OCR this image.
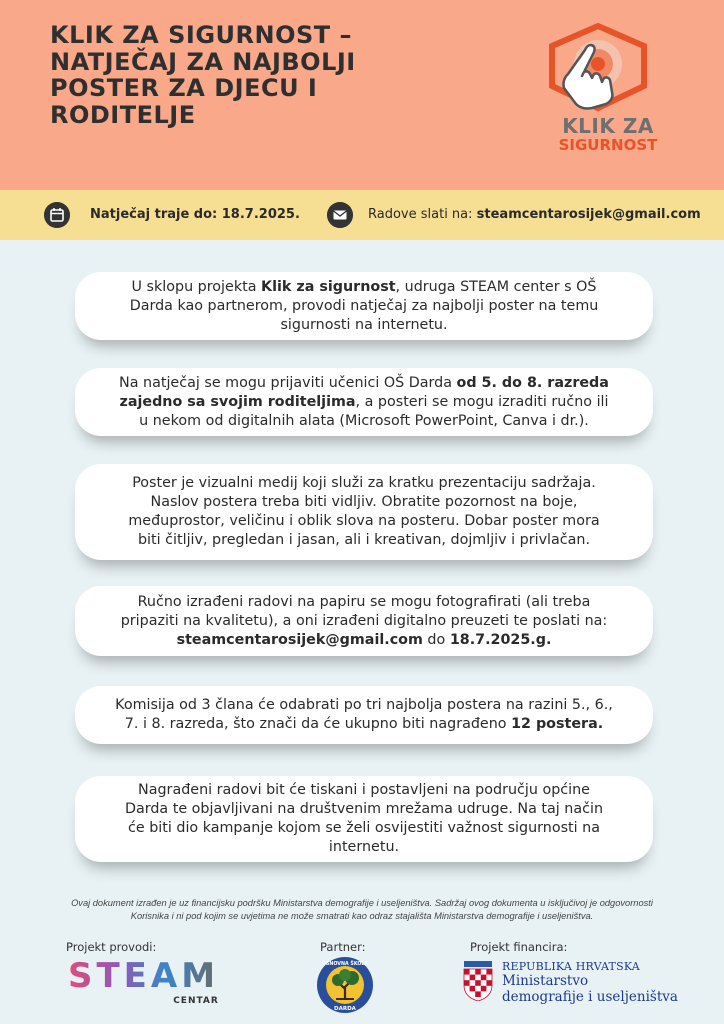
KLIK ZA SIGURNOST – NATJEČAJ ZA NAJBOLJI POSTER ZA DJECU I RODITELJE	KLIK ZA
SIGURNOST
Natječaj traje do: 18.7.2025.	Radove slati na: steamcentarosijek@gmail.com
U sklopu projekta Klik za sigurnost, udruga STEAM center s OŠ Darda kao partnerom, provodi natječaj za najbolji poster na temu sigurnosti na internetu.
Na natječaj se mogu prijaviti učenici OŠ Darda od 5. do 8. razreda zajedno sa svojim roditeljima, a posteri se mogu izraditi ručno ili u nekom od digitalnih alata (Microsoft PowerPoint, Canva i dr.).
Poster je vizualni medij koji služi za kratku prezentaciju sadržaja. Naslov postera treba biti vidljiv. Obratite pozornost na boje, međuprostor, veličinu i oblik slova na posteru. Dobar poster mora biti čitljiv, pregledan i jasan, ali i kreativan, dojmljiv i privlačan.
Ručno izrađeni radovi na papiru se mogu fotografirati (ali treba pripaziti na kvalitetu), a oni izrađeni digitalno preuzeti te poslati na: steamcentarosijek@gmail.com do 18.7.2025.g.
Komisija od 3 člana će odabrati po tri najbolja postera na razini 5., 6., 7. i 8. razreda, što znači da će ukupno biti nagrađeno 12 postera.
Nagrađeni radovi bit će tiskani i postavljeni na području općine Darda te objavljivani na društvenim mrežama udruge. Na taj način će biti dio kampanje kojom se želi osvijestiti važnost sigurnosti na internetu.
Ovaj dokument izrađen je uz financijsku podršku Ministarstva demografije i useljeništva. Sadržaj ovog dokumenta u isključivoj je odgovornosti Korisnika i ni pod kojim se uvjetima ne može smatrati kao odraz stajališta Ministarstva demografije i useljeništva.
Projekt provodi:	Partner:	Projekt financira:
STEAM
CENTAR
OSNOVNA ŠKOLA
DARDA
REPUBLIKA HRVATSKA
Ministarstvo
demografije i useljeništva
